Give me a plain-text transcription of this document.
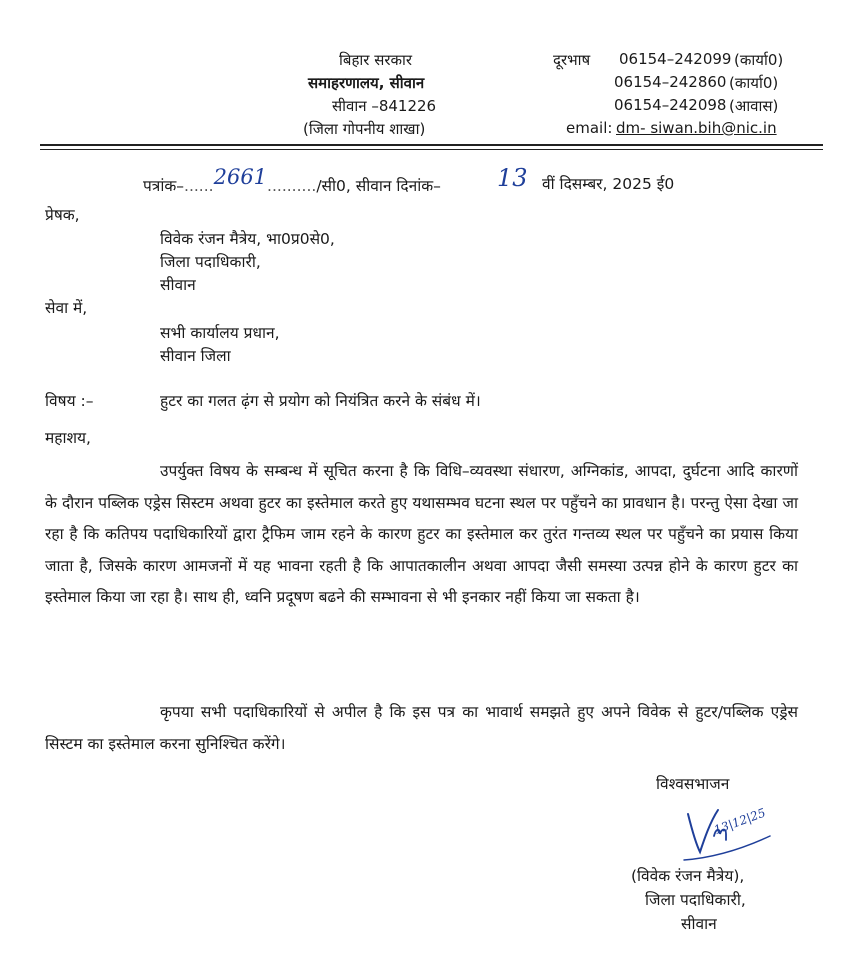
बिहार सरकार
समाहरणालय, सीवान
सीवान –841226
(जिला गोपनीय शाखा)
दूरभाष 06154–242099 (कार्या0)
06154–242860 (कार्या0)
06154–242098 (आवास)
email: dm- siwan.bih@nic.in
पत्रांक–......2661........../सी0, सीवान दिनांक– 13 वीं दिसम्बर, 2025 ई0
प्रेषक,
विवेक रंजन मैत्रेय, भा0प्र0से0,
जिला पदाधिकारी,
सीवान
सेवा में,
सभी कार्यालय प्रधान,
सीवान जिला
विषय :–	हुटर का गलत ढ़ंग से प्रयोग को नियंत्रित करने के संबंध में।
महाशय,
उपर्युक्त विषय के सम्बन्ध में सूचित करना है कि विधि–व्यवस्था संधारण, अग्निकांड, आपदा, दुर्घटना आदि कारणों के दौरान पब्लिक एड्रेस सिस्टम अथवा हुटर का इस्तेमाल करते हुए यथासम्भव घटना स्थल पर पहुँचने का प्रावधान है। परन्तु ऐसा देखा जा रहा है कि कतिपय पदाधिकारियों द्वारा ट्रैफिम जाम रहने के कारण हुटर का इस्तेमाल कर तुरंत गन्तव्य स्थल पर पहुँचने का प्रयास किया जाता है, जिसके कारण आमजनों में यह भावना रहती है कि आपातकालीन अथवा आपदा जैसी समस्या उत्पन्न होने के कारण हुटर का इस्तेमाल किया जा रहा है। साथ ही, ध्वनि प्रदूषण बढने की सम्भावना से भी इनकार नहीं किया जा सकता है।
कृपया सभी पदाधिकारियों से अपील है कि इस पत्र का भावार्थ समझते हुए अपने विवेक से हुटर/पब्लिक एड्रेस सिस्टम का इस्तेमाल करना सुनिश्चित करेंगे।
विश्वसभाजन
13|12|25
(विवेक रंजन मैत्रेय),
जिला पदाधिकारी,
सीवान
